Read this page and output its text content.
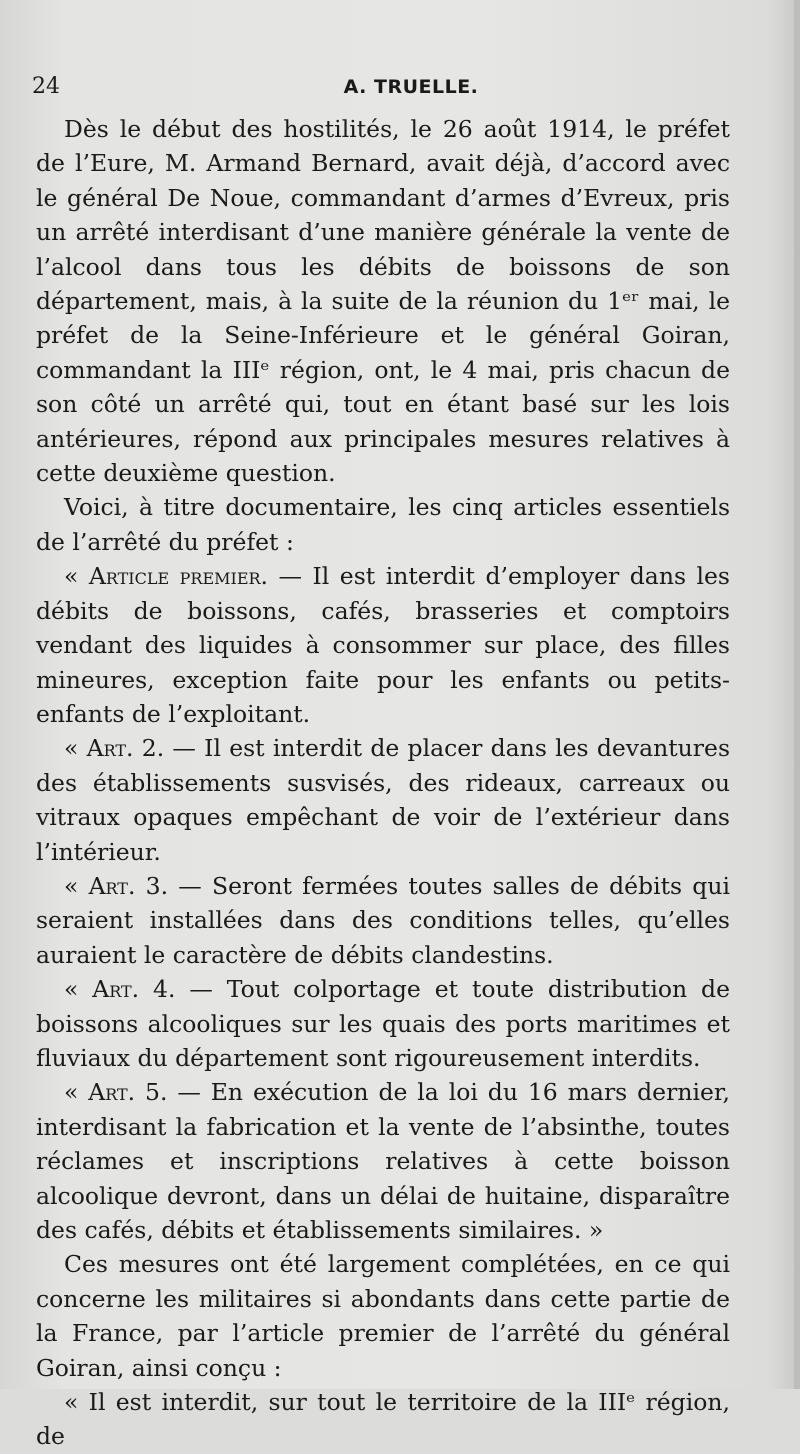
24	A. TRUELLE.

Dès le début des hostilités, le 26 août 1914, le préfet de l’Eure, M. Armand Bernard, avait déjà, d’accord avec le général De Noue, commandant d’armes d’Evreux, pris un arrêté interdisant d’une manière générale la vente de l’alcool dans tous les débits de boissons de son département, mais, à la suite de la réunion du 1ᵉʳ mai, le préfet de la Seine-Inférieure et le général Goiran, commandant la IIIᵉ région, ont, le 4 mai, pris chacun de son côté un arrêté qui, tout en étant basé sur les lois antérieures, répond aux principales mesures relatives à cette deuxième question.

Voici, à titre documentaire, les cinq articles essentiels de l’arrêté du préfet :

« Article premier. — Il est interdit d’employer dans les débits de boissons, cafés, brasseries et comptoirs vendant des liquides à consommer sur place, des filles mineures, exception faite pour les enfants ou petits-enfants de l’exploitant.

« Art. 2. — Il est interdit de placer dans les devantures des établissements susvisés, des rideaux, carreaux ou vitraux opaques empêchant de voir de l’extérieur dans l’intérieur.

« Art. 3. — Seront fermées toutes salles de débits qui seraient installées dans des conditions telles, qu’elles auraient le caractère de débits clandestins.

« Art. 4. — Tout colportage et toute distribution de boissons alcooliques sur les quais des ports maritimes et fluviaux du département sont rigoureusement interdits.

« Art. 5. — En exécution de la loi du 16 mars dernier, interdisant la fabrication et la vente de l’absinthe, toutes réclames et inscriptions relatives à cette boisson alcoolique devront, dans un délai de huitaine, disparaître des cafés, débits et établissements similaires. »

Ces mesures ont été largement complétées, en ce qui concerne les militaires si abondants dans cette partie de la France, par l’article premier de l’arrêté du général Goiran, ainsi conçu :

« Il est interdit, sur tout le territoire de la IIIᵉ région, de
